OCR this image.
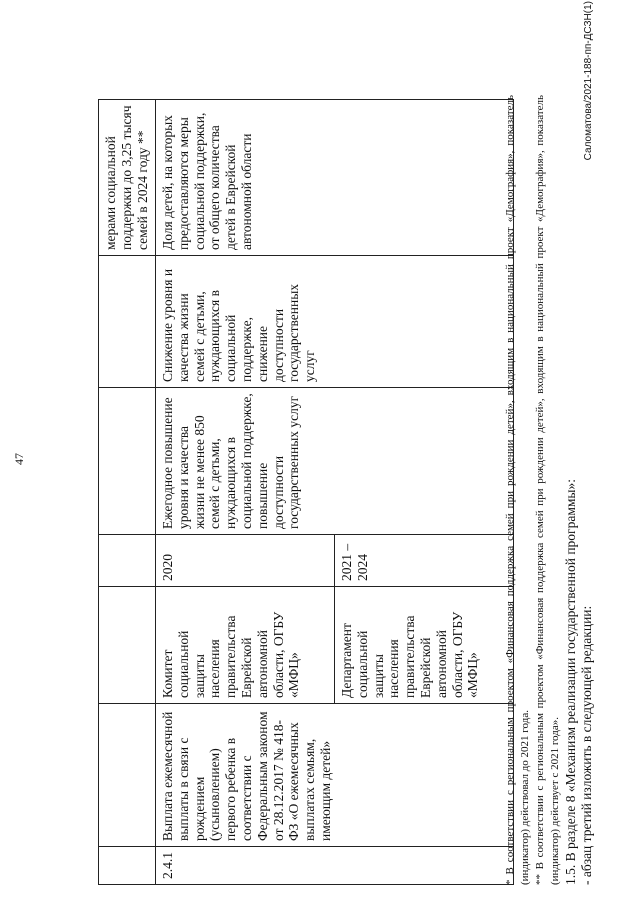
47
						мерами социальной поддержки до 3,25 тысяч семей в 2024 году **
2.4.1	Выплата ежемесячной выплаты в связи с рождением (усыновлением) первого ребенка в соответствии с Федеральным законом от 28.12.2017 № 418-ФЗ «О ежемесячных выплатах семьям, имеющим детей»	Комитет социальной защиты населения правительства Еврейской автономной области, ОГБУ «МФЦ»	2020	Ежегодное повышение уровня и качества жизни не менее 850 семей с детьми, нуждающихся в социальной поддержке, повышение доступности государственных услуг	Снижение уровня и качества жизни семей с детьми, нуждающихся в социальной поддержке, снижение доступности государственных услуг	Доля детей, на которых предоставляются меры социальной поддержки, от общего количества детей в Еврейской автономной области
		Департамент социальной защиты населения правительства Еврейской автономной области, ОГБУ «МФЦ»	2021 – 2024				* В соответствии с региональным проектом «Финансовая поддержка семей при рождении детей», входящим в национальный проект «Демография», показатель (индикатор) действовал до 2021 года. ** В соответствии с региональным проектом «Финансовая поддержка семей при рождении детей», входящим в национальный проект «Демография», показатель (индикатор) действует с 2021 года». 1.5. В разделе 8 «Механизм реализации государственной программы»: - абзац третий изложить в следующей редакции:

Саломатова/2021-188-пп-ДСЗН(1)
